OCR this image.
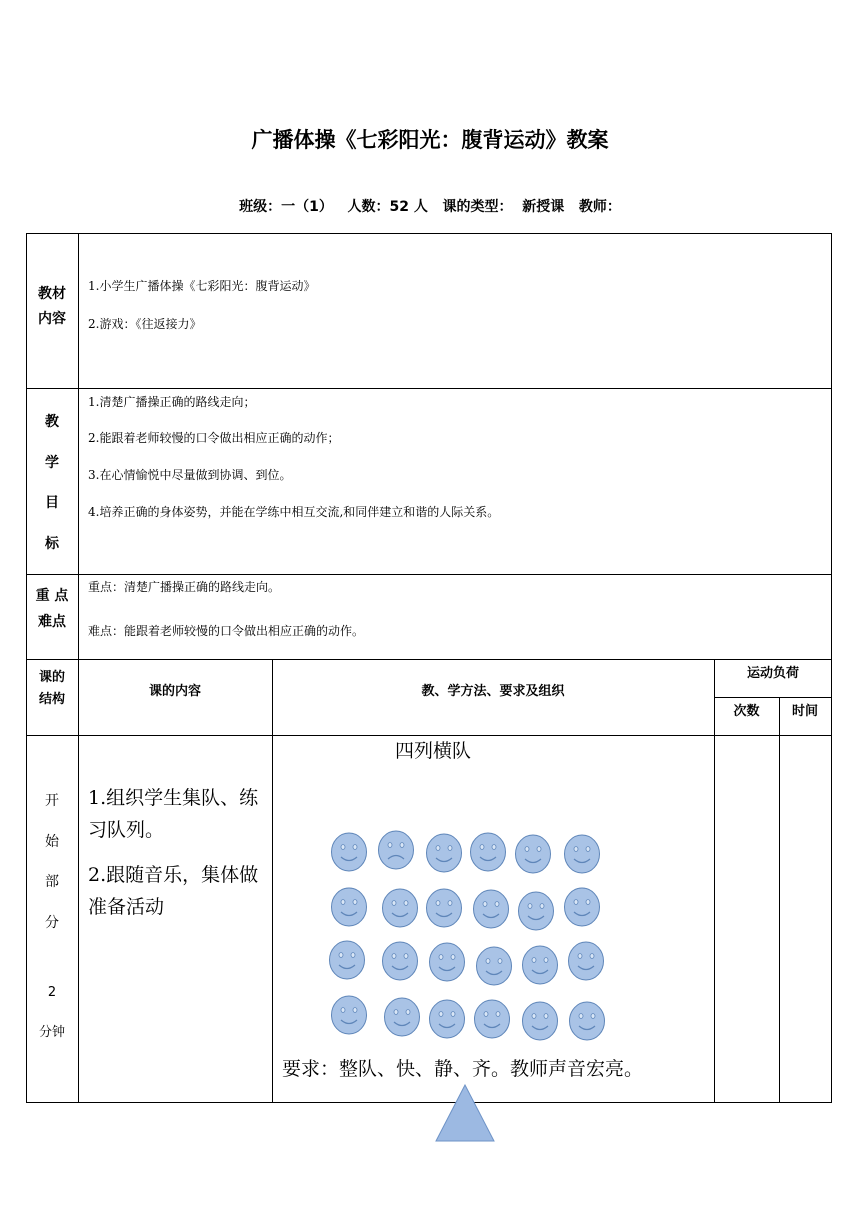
广播体操《七彩阳光：腹背运动》教案
班级：一（1）   人数：52 人   课的类型：  新授课   教师：
教材
内容
1.小学生广播体操《七彩阳光：腹背运动》
2.游戏：《往返接力》
教
学
目
标
1.清楚广播操正确的路线走向；
2.能跟着老师较慢的口令做出相应正确的动作；
3.在心情愉悦中尽量做到协调、到位。
4.培养正确的身体姿势，并能在学练中相互交流,和同伴建立和谐的人际关系。
重 点
难点
重点：清楚广播操正确的路线走向。
难点：能跟着老师较慢的口令做出相应正确的动作。
课的
结构
课的内容	教、学方法、要求及组织
运动负荷
次数	时间
开
始
部
分
2
分钟
1.组织学生集队、练习队列。
2.跟随音乐，集体做准备活动
四列横队
要求：整队、快、静、齐。教师声音宏亮。
